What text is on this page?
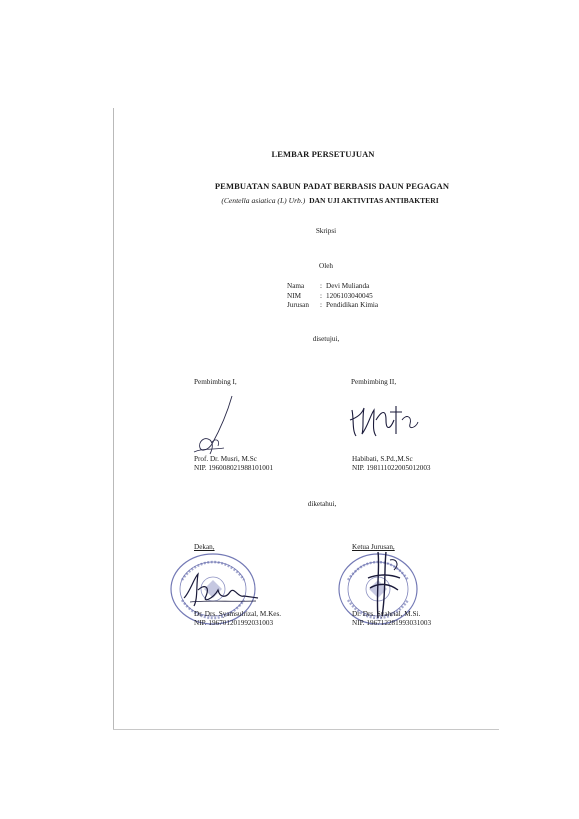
LEMBAR PERSETUJUAN
PEMBUATAN SABUN PADAT BERBASIS DAUN PEGAGAN
(Centella asiatica (L) Urb.) DAN UJI AKTIVITAS ANTIBAKTERI
Skripsi
Oleh
Nama	:	Devi Mulianda
NIM	:	1206103040045
Jurusan	:	Pendidikan Kimia
disetujui,
Pembimbing I,	Pembimbing II,
Prof. Dr. Musri, M.Sc
NIP. 196008021988101001
Habibati, S.Pd.,M.Sc
NIP. 198111022005012003
diketahui,
Dekan,	Ketua Jurusan,
Dr. Drs. Syamsulrizal, M.Kes.
NIP. 196701201992031003
Dr. Drs. Syahrial, M.Si.
NIP. 196712281993031003
